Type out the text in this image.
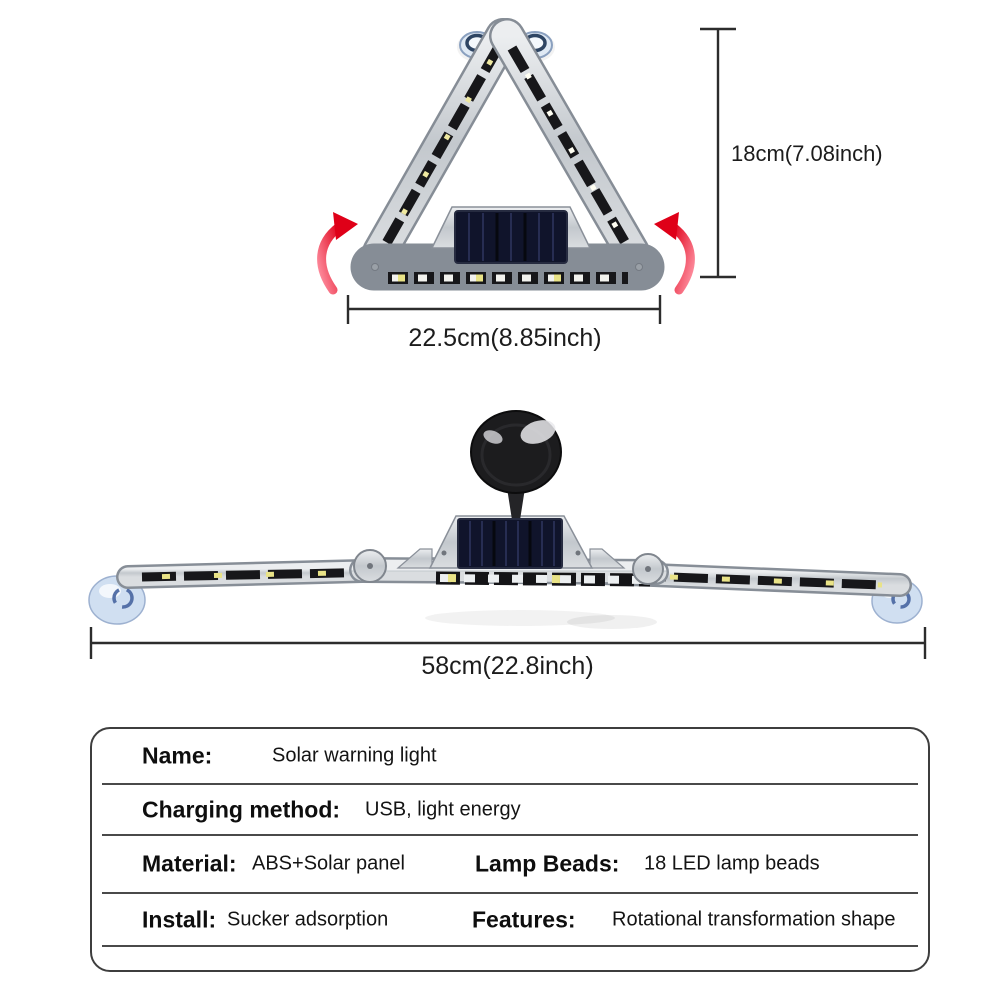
18cm(7.08inch)
22.5cm(8.85inch)
58cm(22.8inch)
Name:	Solar warning light
Charging method: USB, light energy
Material: ABS+Solar panel	Lamp Beads: 18 LED lamp beads
Install: Sucker adsorption	Features: Rotational transformation shape
